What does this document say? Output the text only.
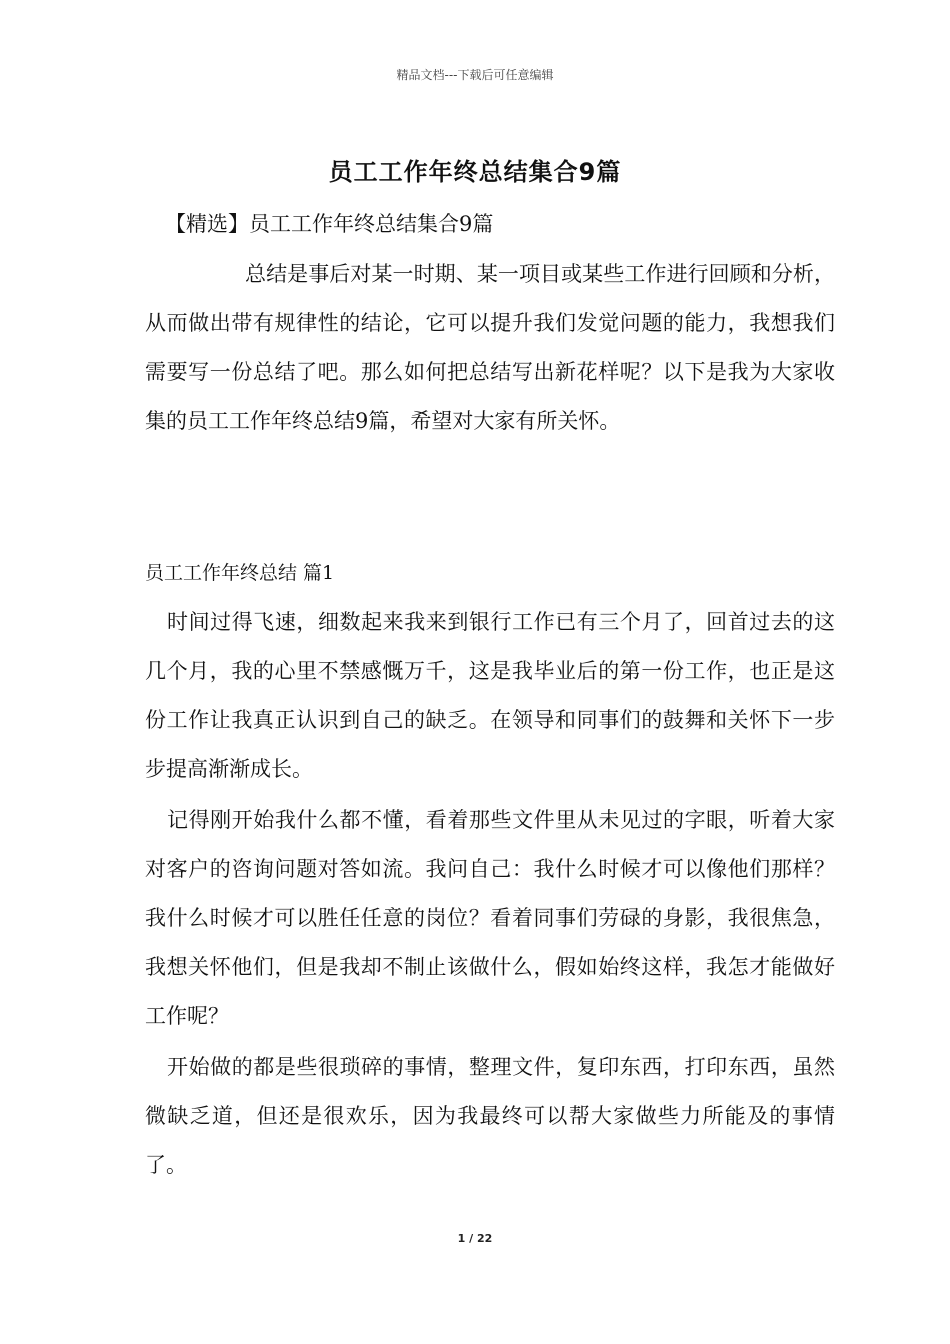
精品文档---下载后可任意编辑
员工工作年终总结集合9篇
【精选】员工工作年终总结集合9篇

总结是事后对某一时期、某一项目或某些工作进行回顾和分析，从而做出带有规律性的结论，它可以提升我们发觉问题的能力，我想我们需要写一份总结了吧。那么如何把总结写出新花样呢？以下是我为大家收集的员工工作年终总结9篇，希望对大家有所关怀。

员工工作年终总结 篇1

时间过得飞速，细数起来我来到银行工作已有三个月了，回首过去的这几个月，我的心里不禁感慨万千，这是我毕业后的第一份工作，也正是这份工作让我真正认识到自己的缺乏。在领导和同事们的鼓舞和关怀下一步步提高渐渐成长。

记得刚开始我什么都不懂，看着那些文件里从未见过的字眼，听着大家对客户的咨询问题对答如流。我问自己：我什么时候才可以像他们那样？我什么时候才可以胜任任意的岗位？看着同事们劳碌的身影，我很焦急，我想关怀他们，但是我却不制止该做什么，假如始终这样，我怎才能做好工作呢？

开始做的都是些很琐碎的事情，整理文件，复印东西，打印东西，虽然微缺乏道，但还是很欢乐，因为我最终可以帮大家做些力所能及的事情了。

1 / 22
